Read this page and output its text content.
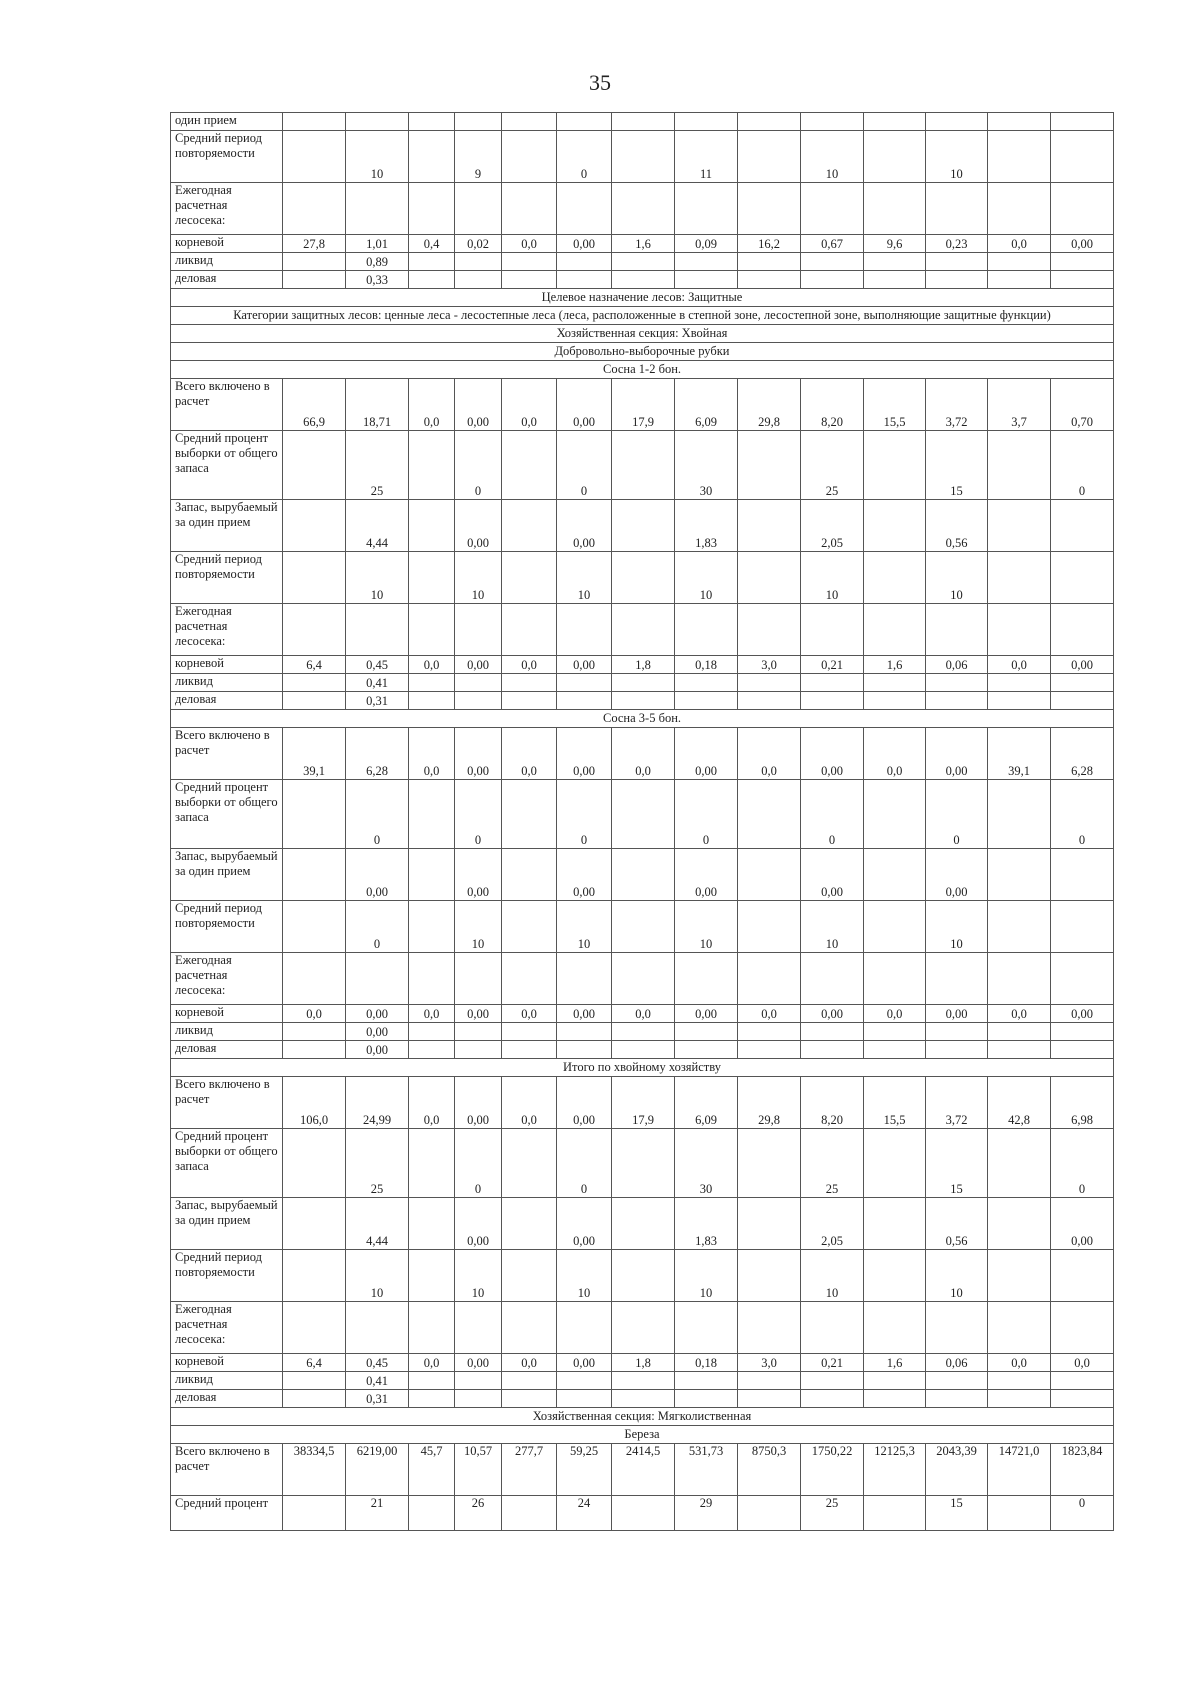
35
один прием														
Средний период повторяемости		10		9		0		11		10		10		
Ежегодная расчетная лесосека:														
корневой	27,8	1,01	0,4	0,02	0,0	0,00	1,6	0,09	16,2	0,67	9,6	0,23	0,0	0,00
ликвид		0,89												
деловая		0,33												
Целевое назначение лесов: Защитные														
Категории защитных лесов: ценные леса - лесостепные леса (леса, расположенные в степной зоне, лесостепной зоне, выполняющие защитные функции)														
Хозяйственная секция: Хвойная														
Добровольно-выборочные рубки														
Сосна 1-2 бон.														
Всего включено в расчет	66,9	18,71	0,0	0,00	0,0	0,00	17,9	6,09	29,8	8,20	15,5	3,72	3,7	0,70
Средний процент выборки от общего запаса		25		0		0		30		25		15		0
Запас, вырубаемый за один прием		4,44		0,00		0,00		1,83		2,05		0,56		
Средний период повторяемости		10		10		10		10		10		10		
Ежегодная расчетная лесосека:														
корневой	6,4	0,45	0,0	0,00	0,0	0,00	1,8	0,18	3,0	0,21	1,6	0,06	0,0	0,00
ликвид		0,41												
деловая		0,31												
Сосна 3-5 бон.														
Всего включено в расчет	39,1	6,28	0,0	0,00	0,0	0,00	0,0	0,00	0,0	0,00	0,0	0,00	39,1	6,28
Средний процент выборки от общего запаса		0		0		0		0		0		0		0
Запас, вырубаемый за один прием		0,00		0,00		0,00		0,00		0,00		0,00		
Средний период повторяемости		0		10		10		10		10		10		
Ежегодная расчетная лесосека:														
корневой	0,0	0,00	0,0	0,00	0,0	0,00	0,0	0,00	0,0	0,00	0,0	0,00	0,0	0,00
ликвид		0,00												
деловая		0,00												
Итого по хвойному хозяйству														
Всего включено в расчет	106,0	24,99	0,0	0,00	0,0	0,00	17,9	6,09	29,8	8,20	15,5	3,72	42,8	6,98
Средний процент выборки от общего запаса		25		0		0		30		25		15		0
Запас, вырубаемый за один прием		4,44		0,00		0,00		1,83		2,05		0,56		0,00
Средний период повторяемости		10		10		10		10		10		10		
Ежегодная расчетная лесосека:														
корневой	6,4	0,45	0,0	0,00	0,0	0,00	1,8	0,18	3,0	0,21	1,6	0,06	0,0	0,0
ликвид		0,41												
деловая		0,31												
Хозяйственная секция: Мягколиственная														
Береза														
Всего включено в расчет	38334,5	6219,00	45,7	10,57	277,7	59,25	2414,5	531,73	8750,3	1750,22	12125,3	2043,39	14721,0	1823,84
Средний процент		21		26		24		29		25		15		0
